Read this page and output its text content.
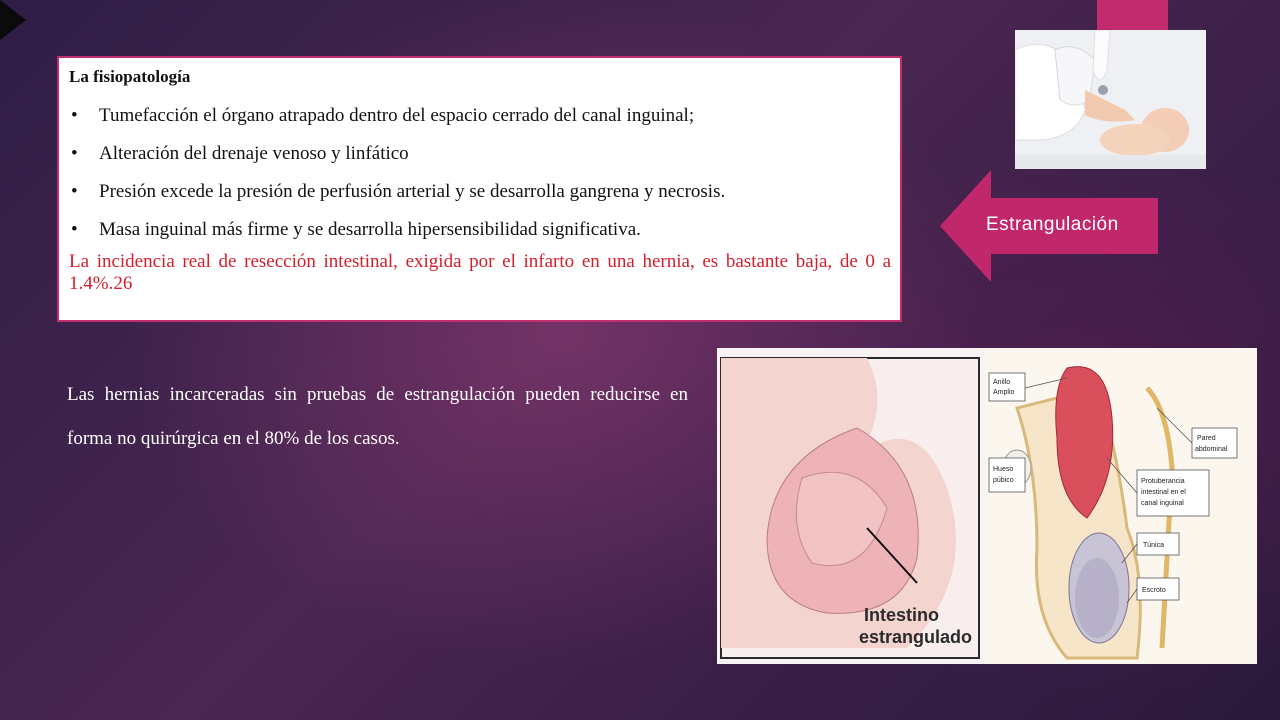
La fisiopatología
• Tumefacción el órgano atrapado dentro del espacio cerrado del canal inguinal;
• Alteración del drenaje venoso y linfático
• Presión excede la presión de perfusión arterial y se desarrolla gangrena y necrosis.
• Masa inguinal más firme y se desarrolla hipersensibilidad significativa.
La incidencia real de resección intestinal, exigida por el infarto en una hernia, es bastante baja, de 0 a 1.4%.26
Estrangulación
Las hernias incarceradas sin pruebas de estrangulación pueden reducirse en forma no quirúrgica en el 80% de los casos.
Intestino
estrangulado
Anillo
Amplio
Hueso
púbico
Pared
abdominal
Protuberancia
intestinal en el
canal inguinal
Túnica
Escroto
